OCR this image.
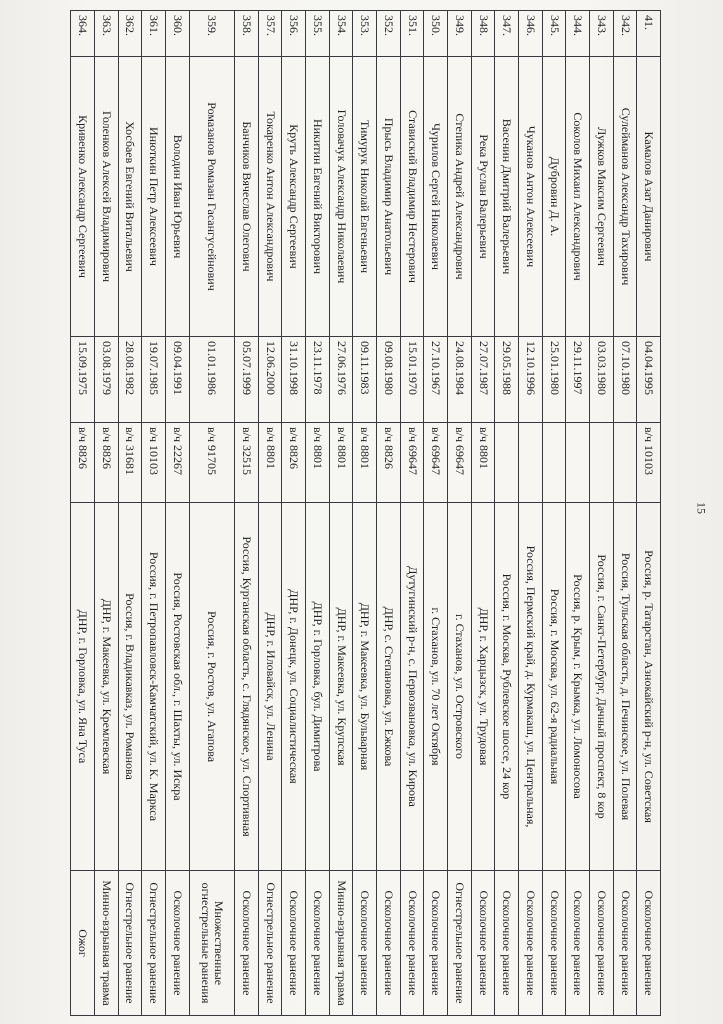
41.	Камалов Азат Данирович	04.04.1995	в/ч 10103	Россия, р. Татарстан, Азнокайский р-н, ул. Советская	Осколочное ранение
342.	Сулейманов Александр Тахирович	07.10.1980		Россия, Тульская область, д. Печинское, ул. Полевая	Осколочное ранение
343.	Лужков Максим Сергеевич	03.03.1980		Россия, г. Санкт-Петербург, Дачный проспект, 8 кор	Осколочное ранение
344.	Соколов Михаил Александрович	29.11.1997		Россия, р. Крым, г. Крымка, ул. Ломоносова	Осколочное ранение
345.	Дубровин Д. А.	25.01.1980		Россия, г. Москва, ул. 62-я радиальная	Осколочное ранение
346.	Чуканов Антон Алексеевич	12.10.1996		Россия, Пермский край, д. Курмакаш, ул. Центральная,	Осколочное ранение
347.	Васенин Дмитрий Валерьевич	29.05.1988		Россия, г. Москва, Рублевское шоссе, 24 кор	Осколочное ранение
348.	Река Руслан Валерьевич	27.07.1987	в/ч 8801	ДНР, г. Харцызск, ул. Трудовая	Осколочное ранение
349.	Степика Андрей Александрович	24.08.1984	в/ч 69647	г. Стаханов, ул. Островского	Огнестрельное ранение
350.	Чурилов Сергей Николаевич	27.10.1967	в/ч 69647	г. Стаханов, ул. 70 лет Октября	Осколочное ранение
351.	Ставиский Владимир Нестерович	15.01.1970	в/ч 69647	Дутугинский р-н, с. Первозвановка, ул. Кирова	Осколочное ранение
352.	Прысь Владимир Анатольевич	09.08.1980	в/ч 8826	ДНР, с. Степановка, ул. Ежкова	Осколочное ранение
353.	Тимурук Николай Евгеньевич	09.11.1983	в/ч 8801	ДНР, г. Макеевка, ул. Бульварная	Осколочное ранение
354.	Головачук Александр Николаевич	27.06.1976	в/ч 8801	ДНР, г. Макеевка, ул. Крупская	Минно-взрывная травма
355.	Никитин Евгений Викторович	23.11.1978	в/ч 8801	ДНР, г. Горловка, бул. Димитрова	Осколочное ранение
356.	Круть Александр Сергеевич	31.10.1998	в/ч 8826	ДНР, г. Донецк, ул. Социалистическая	Осколочное ранение
357.	Токаренко Антон Александрович	12.06.2000	в/ч 8801	ДНР, г. Иловайск, ул. Ленина	Огнестрельное ранение
358.	Банчиков Вячеслав Олегович	05.07.1999	в/ч 32515	Россия, Курганская область, с. Глядянское, ул. Спортивная	Осколочное ранение
359.	Ромазанов Ромазан Гасангусейнович	01.01.1986	в/ч 91705	Россия, г. Ростов, ул. Агапова	Множественные огнестрельные ранения
360.	Володин Иван Юрьевич	09.04.1991	в/ч 22267	Россия, Ростовская обл., г. Шахты, ул. Искра	Осколочное ранение
361.	Инюткин Петр Алексеевич	19.07.1985	в/ч 10103	Россия, г. Петропавловск-Камчатский, ул. К. Маркса	Огнестрельное ранение
362.	Хосбаев Евгений Витальевич	28.08.1982	в/ч 31681	Россия, г. Владикавказ, ул. Романова	Огнестрельное ранение
363.	Голенков Алексей Владимирович	03.08.1979	в/ч 8826	ДНР, г. Макеевка, ул. Кремлевская	Минно-взрывная травма
364.	Кривенко Александр Сергеевич	15.09.1975	в/ч 8826	ДНР, г. Горловка, ул. Яна Туса	Ожог
15
